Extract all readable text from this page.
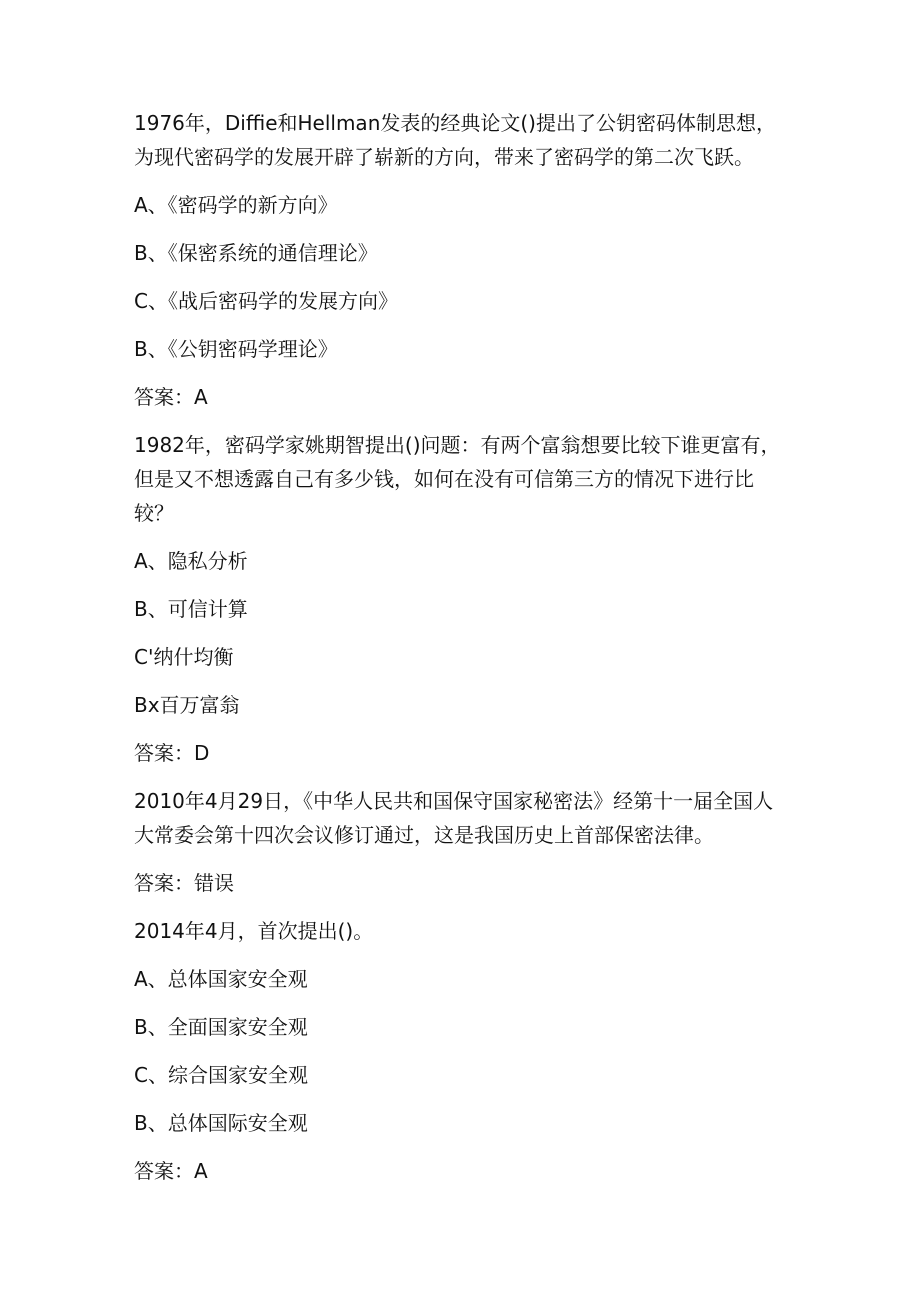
1976年，Diffie和Hellman发表的经典论文()提出了公钥密码体制思想，

为现代密码学的发展开辟了崭新的方向，带来了密码学的第二次飞跃。

A、《密码学的新方向》

B、《保密系统的通信理论》

C、《战后密码学的发展方向》

B、《公钥密码学理论》

答案：A

1982年，密码学家姚期智提出()问题：有两个富翁想要比较下谁更富有，

但是又不想透露自己有多少钱，如何在没有可信第三方的情况下进行比

较？

A、隐私分析

B、可信计算

C'纳什均衡

Bx百万富翁

答案：D

2010年4月29日，《中华人民共和国保守国家秘密法》经第十一届全国人

大常委会第十四次会议修订通过，这是我国历史上首部保密法律。

答案：错误

2014年4月，首次提出()。

A、总体国家安全观

B、全面国家安全观

C、综合国家安全观

B、总体国际安全观

答案：A
